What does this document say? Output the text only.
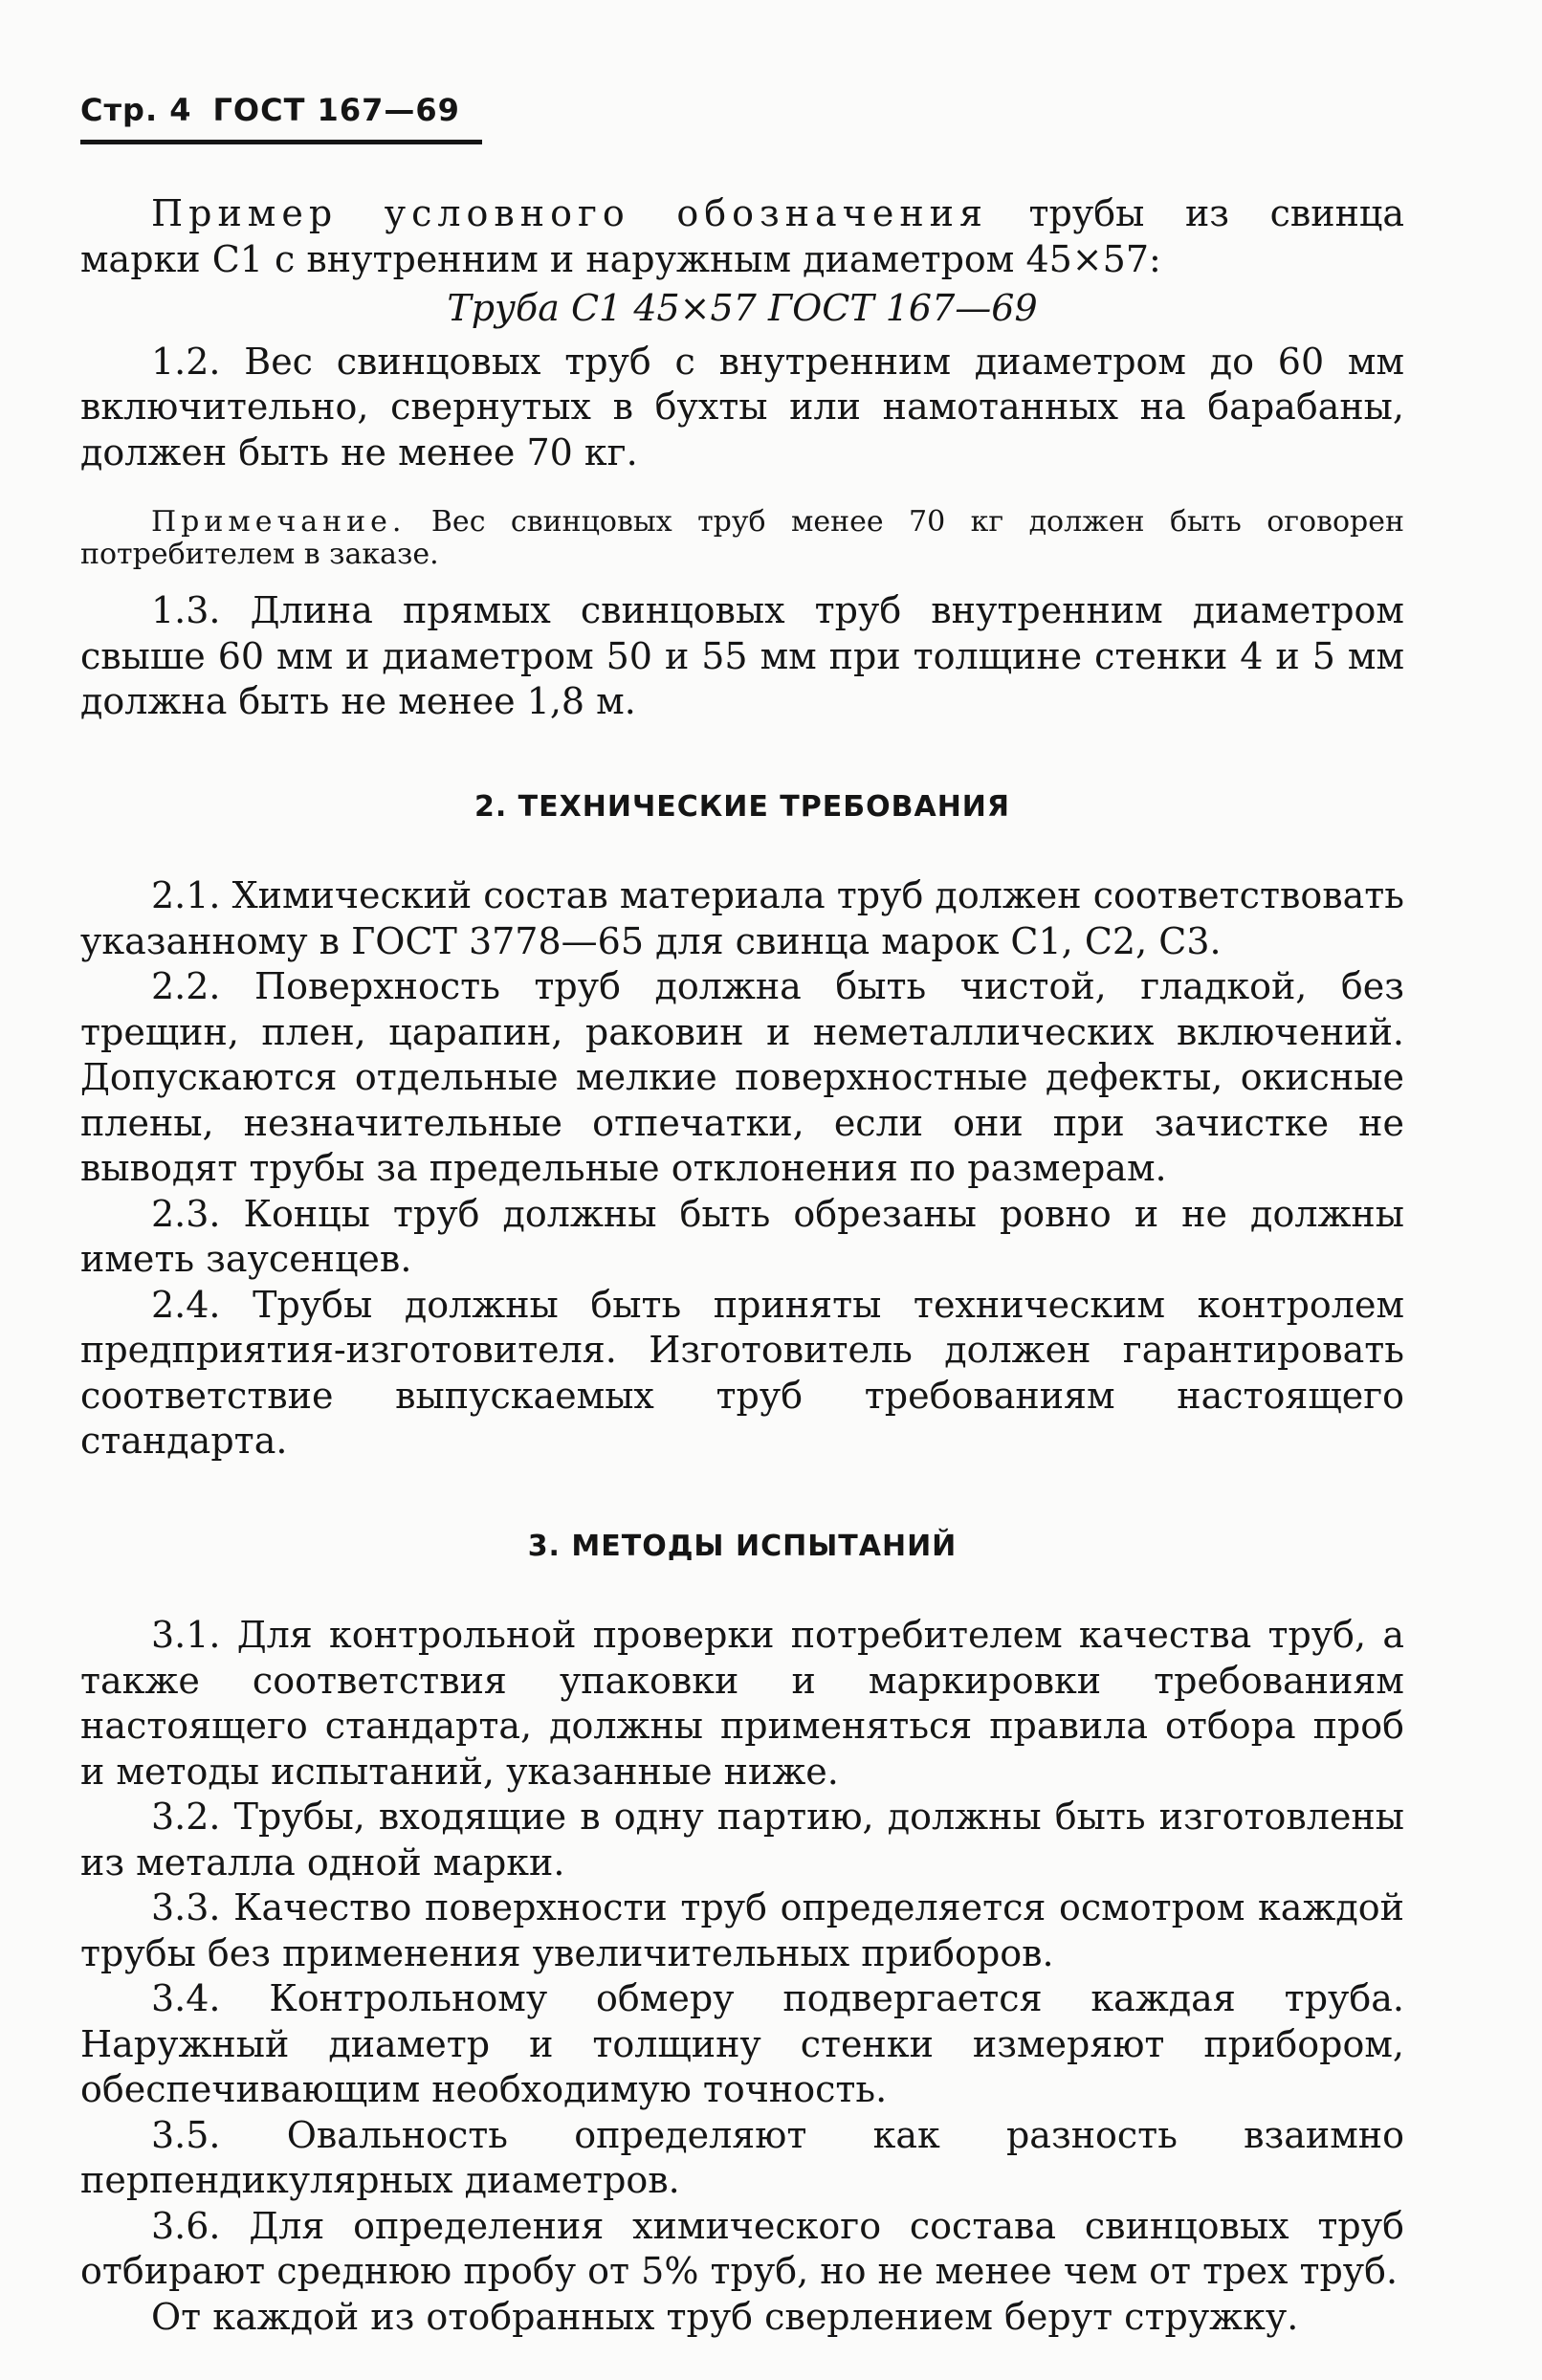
Стр. 4 ГОСТ 167—69

Пример условного обозначения трубы из свинца

марки С1 с внутренним и наружным диаметром 45×57:

Труба С1 45×57 ГОСТ 167—69

1.2. Вес свинцовых труб с внутренним диаметром до 60 мм включительно, свернутых в бухты или намотанных на барабаны, должен быть не менее 70 кг.

Примечание. Вес свинцовых труб менее 70 кг должен быть оговорен потребителем в заказе.

1.3. Длина прямых свинцовых труб внутренним диаметром свыше 60 мм и диаметром 50 и 55 мм при толщине стенки 4 и 5 мм должна быть не менее 1,8 м.

2. ТЕХНИЧЕСКИЕ ТРЕБОВАНИЯ

2.1. Химический состав материала труб должен соответствовать указанному в ГОСТ 3778—65 для свинца марок С1, С2, С3.

2.2. Поверхность труб должна быть чистой, гладкой, без трещин, плен, царапин, раковин и неметаллических включений. Допускаются отдельные мелкие поверхностные дефекты, окисные плены, незначительные отпечатки, если они при зачистке не выводят трубы за предельные отклонения по размерам.

2.3. Концы труб должны быть обрезаны ровно и не должны иметь заусенцев.

2.4. Трубы должны быть приняты техническим контролем предприятия-изготовителя. Изготовитель должен гарантировать соответствие выпускаемых труб требованиям настоящего стандарта.

3. МЕТОДЫ ИСПЫТАНИЙ

3.1. Для контрольной проверки потребителем качества труб, а также соответствия упаковки и маркировки требованиям настоящего стандарта, должны применяться правила отбора проб и методы испытаний, указанные ниже.

3.2. Трубы, входящие в одну партию, должны быть изготовлены из металла одной марки.

3.3. Качество поверхности труб определяется осмотром каждой трубы без применения увеличительных приборов.

3.4. Контрольному обмеру подвергается каждая труба. Наружный диаметр и толщину стенки измеряют прибором, обеспечивающим необходимую точность.

3.5. Овальность определяют как разность взаимно перпендикулярных диаметров.

3.6. Для определения химического состава свинцовых труб отбирают среднюю пробу от 5% труб, но не менее чем от трех труб.

От каждой из отобранных труб сверлением берут стружку.
